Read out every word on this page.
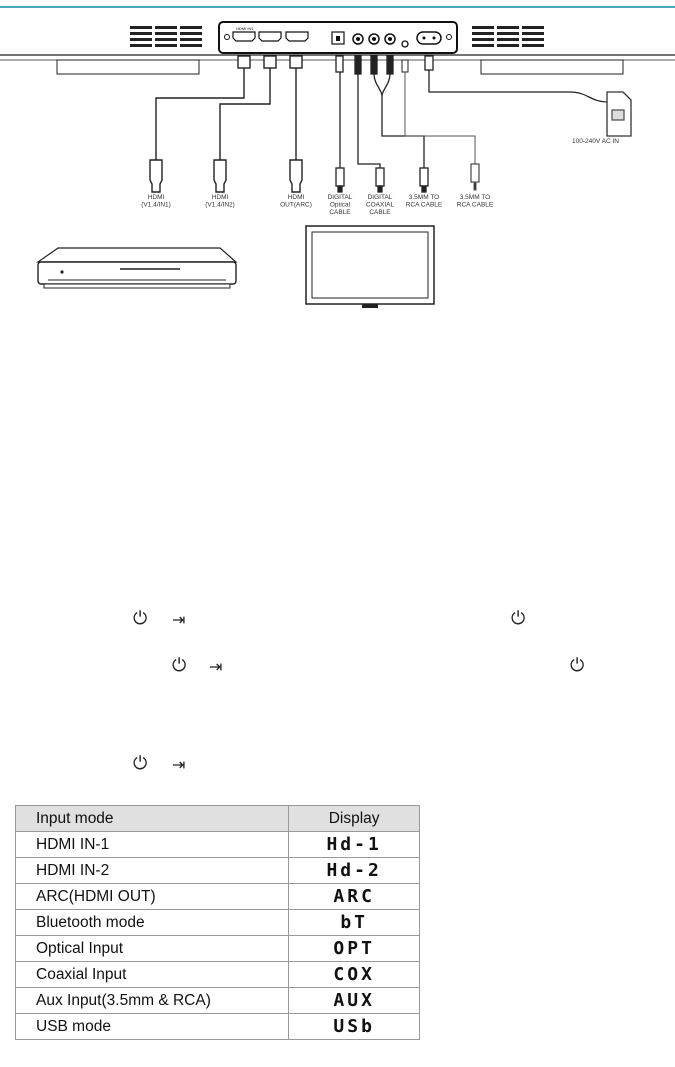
HDMI IN1
HDMI (V1.4/IN1)
HDMI (V1.4/IN2)
HDMI OUT(ARC)
DIGITAL Optical CABLE
DIGITAL COAXIAL CABLE
3.5MM TO RCA CABLE
3.5MM TO RCA CABLE
100-240V AC IN
⏻ ⇥	⏻
⏻ ⇥	⏻
⏻ ⇥
Input mode	Display
HDMI IN-1	Hd-1
HDMI IN-2	Hd-2
ARC(HDMI OUT)	ARC
Bluetooth mode	bT
Optical Input	OPT
Coaxial Input	COX
Aux Input(3.5mm & RCA)	AUX
USB mode	USb
